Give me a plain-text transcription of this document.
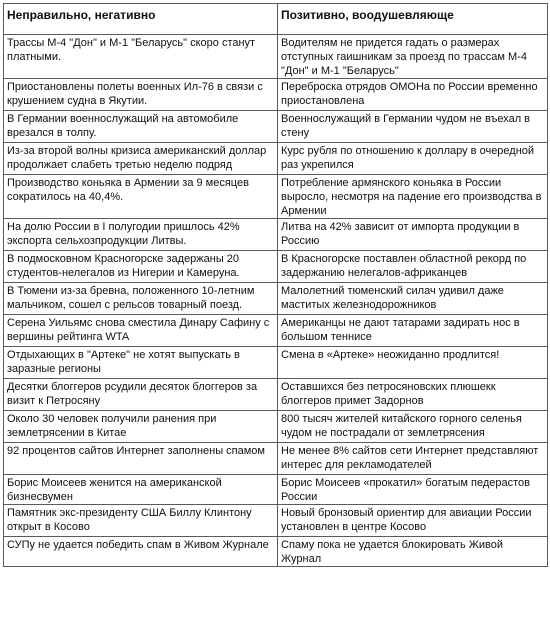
Неправильно, негативно	Позитивно, воодушевляюще
Трассы М-4 "Дон" и М-1 "Беларусь" скоро станут платными.	Водителям не придется гадать о размерах отступных гаишникам за проезд по трассам М-4 "Дон" и М-1 "Беларусь"
Приостановлены полеты военных Ил-76 в связи с крушением судна в Якутии.	Переброска отрядов ОМОНа по России временно приостановлена
В Германии военнослужащий на автомобиле врезался в толпу.	Военнослужащий в Германии чудом не въехал в стену
Из-за второй волны кризиса американский доллар продолжает слабеть третью неделю подряд	Курс рубля по отношению к доллару в очередной раз укрепился
Производство коньяка в Армении за 9 месяцев сократилось на 40,4%.	Потребление армянского коньяка в России выросло, несмотря на падение его производства в Армении
На долю России в I полугодии пришлось 42% экспорта сельхозпродукции Литвы.	Литва на 42% зависит от импорта продукции в Россию
В подмосковном Красногорске задержаны 20 студентов-нелегалов из Нигерии и Камеруна.	В Красногорске поставлен областной рекорд по задержанию нелегалов-африканцев
В Тюмени из-за бревна, положенного 10-летним мальчиком, сошел с рельсов товарный поезд.	Малолетний тюменский силач удивил даже маститых железнодорожников
Серена Уильямс снова сместила Динару Сафину с вершины рейтинга WTA	Американцы не дают татарами задирать нос в большом теннисе
Отдыхающих в "Артеке" не хотят выпускать в заразные регионы	Смена в «Артеке» неожиданно продлится!
Десятки блоггеров рсудили десяток блоггеров за визит к Петросяну	Оставшихся без петросяновских плюшекк блоггеров примет Задорнов
Около 30 человек получили ранения при землетрясении в Китае	800 тысяч жителей китайского горного селенья чудом не пострадали от землетрясения
92 процентов сайтов Интернет заполнены спамом	Не менее 8% сайтов сети Интернет представляют интерес для рекламодателей
Борис Моисеев женится на американской бизнесвумен	Борис Моисеев «прокатил» богатым педерастов России
Памятник экс-президенту США Биллу Клинтону открыт в Косово	Новый бронзовый ориентир для авиации России установлен в центре Косово
СУПу не удается победить спам в Живом Журнале	Спаму пока не удается блокировать Живой Журнал
